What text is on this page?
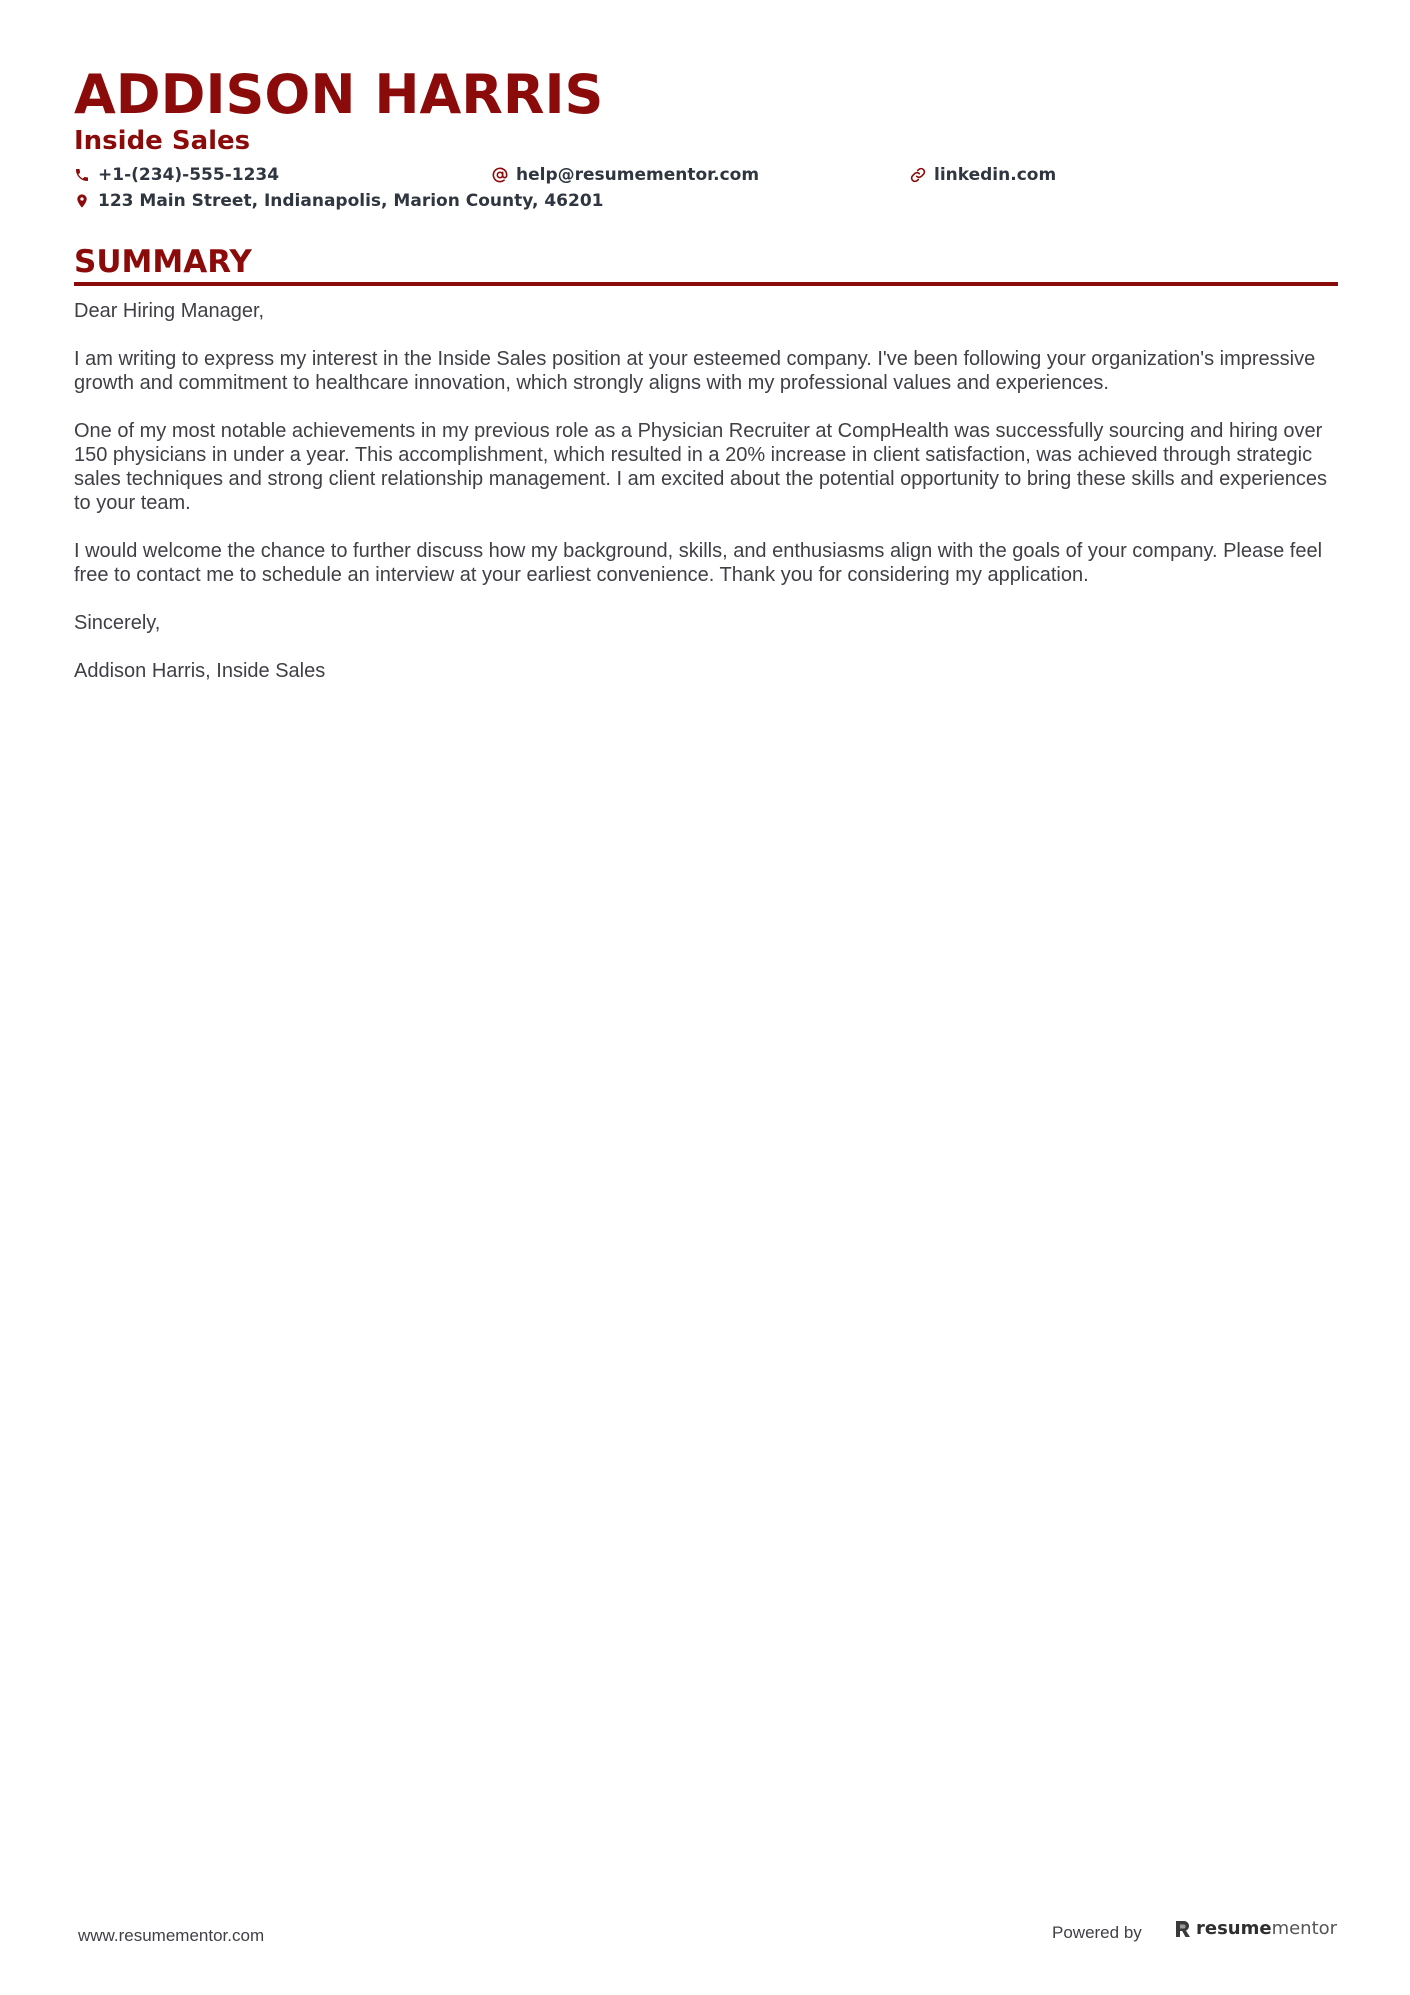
ADDISON HARRIS
Inside Sales
+1-(234)-555-1234	help@resumementor.com	linkedin.com
123 Main Street, Indianapolis, Marion County, 46201
SUMMARY

Dear Hiring Manager,

I am writing to express my interest in the Inside Sales position at your esteemed company. I've been following your organization's impressive growth and commitment to healthcare innovation, which strongly aligns with my professional values and experiences.

One of my most notable achievements in my previous role as a Physician Recruiter at CompHealth was successfully sourcing and hiring over 150 physicians in under a year. This accomplishment, which resulted in a 20% increase in client satisfaction, was achieved through strategic sales techniques and strong client relationship management. I am excited about the potential opportunity to bring these skills and experiences to your team.

I would welcome the chance to further discuss how my background, skills, and enthusiasms align with the goals of your company. Please feel free to contact me to schedule an interview at your earliest convenience. Thank you for considering my application.

Sincerely,

Addison Harris, Inside Sales

www.resumementor.com	Powered by	resume mentor
